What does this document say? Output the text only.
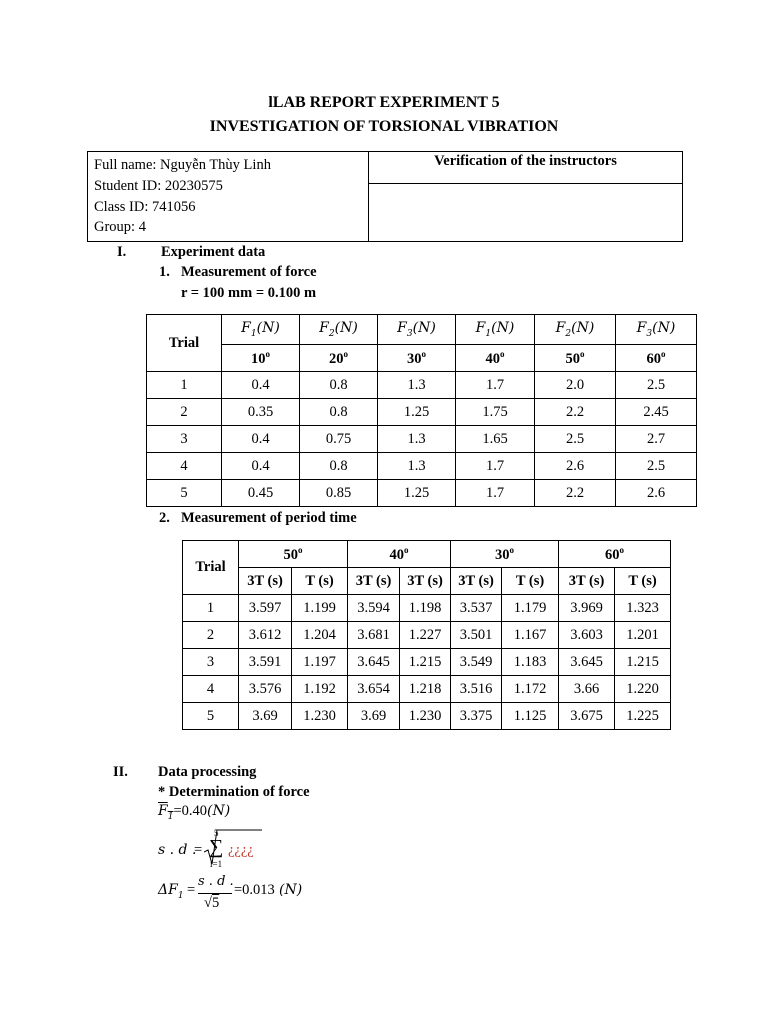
lLAB REPORT EXPERIMENT 5
INVESTIGATION OF TORSIONAL VIBRATION
Full name: Nguyễn Thùy Linh
Student ID: 20230575
Class ID: 741056
Group: 4
	Verification of the instructors

I. Experiment data
1. Measurement of force
r = 100 mm = 0.100 m
Trial	$F_1(N)$	$F_2(N)$	$F_3(N)$	$F_1(N)$	$F_2(N)$	$F_3(N)$
	10$^o$	20$^o$	30$^o$	40$^o$	50$^o$	60$^o$
1	0.4	0.8	1.3	1.7	2.0	2.5
2	0.35	0.8	1.25	1.75	2.2	2.45
3	0.4	0.75	1.3	1.65	2.5	2.7
4	0.4	0.8	1.3	1.7	2.6	2.5
5	0.45	0.85	1.25	1.7	2.2	2.6
2. Measurement of period time
Trial	50$^o$		40$^o$		30$^o$		60$^o$
	3T (s)	T (s)	3T (s)	3T (s)	3T (s)	T (s)	3T (s)	T (s)
1	3.597	1.199	3.594	1.198	3.537	1.179	3.969	1.323
2	3.612	1.204	3.681	1.227	3.501	1.167	3.603	1.201
3	3.591	1.197	3.645	1.215	3.549	1.183	3.645	1.215
4	3.576	1.192	3.654	1.218	3.516	1.172	3.66	1.220
5	3.69	1.230	3.69	1.230	3.375	1.125	3.675	1.225
II. Data processing
* Determination of force
$F_1=0.40(N)$
s . d .
=
5
∑
i=1
¿¿¿¿
$\Delta F_1$ =
s . d .
√5
=0.013 (N)
